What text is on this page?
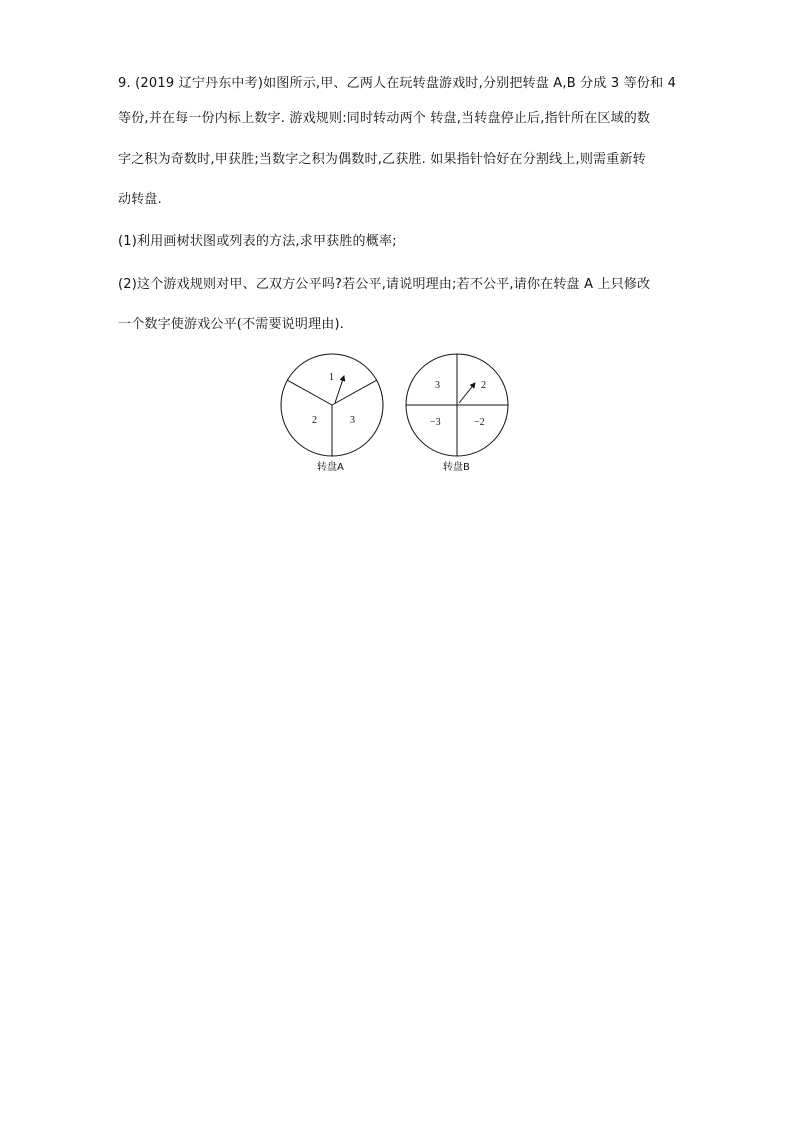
9. (2019 辽宁丹东中考)如图所示,甲、乙两人在玩转盘游戏时,分别把转盘 A,B 分成 3 等份和 4
等份,并在每一份内标上数字. 游戏规则:同时转动两个 转盘,当转盘停止后,指针所在区域的数
字之积为奇数时,甲获胜;当数字之积为偶数时,乙获胜. 如果指针恰好在分割线上,则需重新转
动转盘.
(1)利用画树状图或列表的方法,求甲获胜的概率;
(2)这个游戏规则对甲、乙双方公平吗?若公平,请说明理由;若不公平,请你在转盘 A 上只修改
一个数字使游戏公平(不需要说明理由).
1
2	3
转盘A
3	2
−3	−2
转盘B
